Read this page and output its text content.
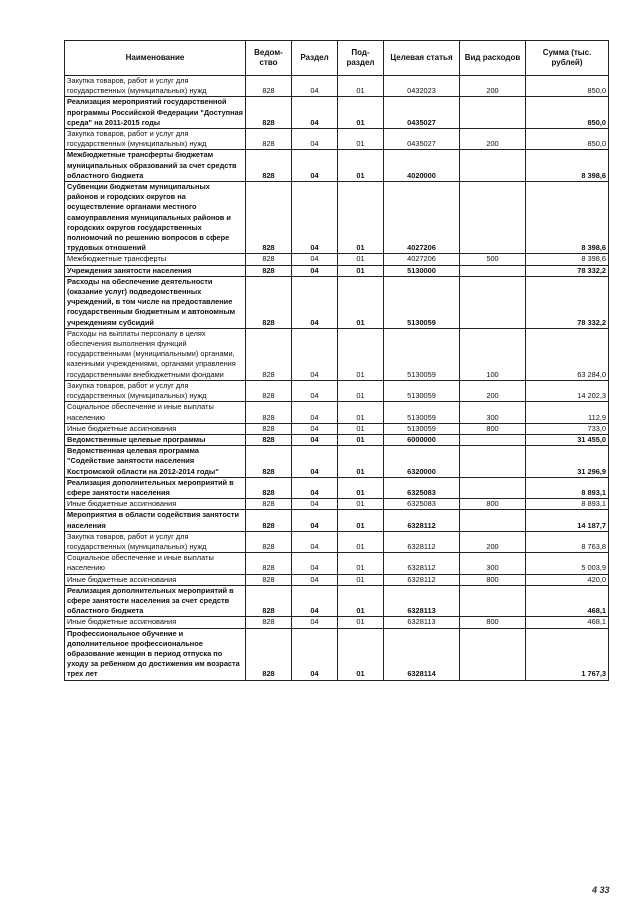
Наименование	Ведом-ство	Раздел	Под-раздел	Целевая статья	Вид расходов	Сумма (тыс. рублей)
Закупка товаров, работ и услуг для государственных (муниципальных) нужд	828	04	01	0432023	200	850,0
Реализация мероприятий государственной программы Российской Федерации "Доступная среда" на 2011-2015 годы	828	04	01	0435027		850,0
Закупка товаров, работ и услуг для государственных (муниципальных) нужд	828	04	01	0435027	200	850,0
Межбюджетные трансферты бюджетам муниципальных образований за счет средств областного бюджета	828	04	01	4020000		8 398,6
Субвенции бюджетам муниципальных районов и городских округов на осуществление органами местного самоуправления муниципальных районов и городских округов государственных полномочий по решению вопросов в сфере трудовых отношений	828	04	01	4027206		8 398,6
Межбюджетные трансферты	828	04	01	4027206	500	8 398,6
Учреждения занятости населения	828	04	01	5130000		78 332,2
Расходы на обеспечение деятельности (оказание услуг) подведомственных учреждений, в том числе на предоставление государственным бюджетным и автономным учреждениям субсидий	828	04	01	5130059		78 332,2
Расходы на выплаты персоналу в целях обеспечения выполнения функций государственными (муниципальными) органами, казенными учреждениями, органами управления государственными внебюджетными фондами	828	04	01	5130059	100	63 284,0
Закупка товаров, работ и услуг для государственных (муниципальных) нужд	828	04	01	5130059	200	14 202,3
Социальное обеспечение и иные выплаты населению	828	04	01	5130059	300	112,9
Иные бюджетные ассигнования	828	04	01	5130059	800	733,0
Ведомственные целевые программы	828	04	01	6000000		31 455,0
Ведомственная целевая программа "Содействие занятости населения Костромской области на 2012-2014 годы"	828	04	01	6320000		31 296,9
Реализация дополнительных мероприятий в сфере занятости населения	828	04	01	6325083		8 893,1
Иные бюджетные ассигнования	828	04	01	6325083	800	8 893,1
Мероприятия в области содействия занятости населения	828	04	01	6328112		14 187,7
Закупка товаров, работ и услуг для государственных (муниципальных) нужд	828	04	01	6328112	200	8 763,8
Социальное обеспечение и иные выплаты населению	828	04	01	6328112	300	5 003,9
Иные бюджетные ассигнования	828	04	01	6328112	800	420,0
Реализация дополнительных мероприятий в сфере занятости населения за счет средств областного бюджета	828	04	01	6328113		468,1
Иные бюджетные ассигнования	828	04	01	6328113	800	468,1
Профессиональное обучение и дополнительное профессиональное образование женщин в период отпуска по уходу за ребенком до достижения им возраста трех лет	828	04	01	6328114		1 767,3
4 33
